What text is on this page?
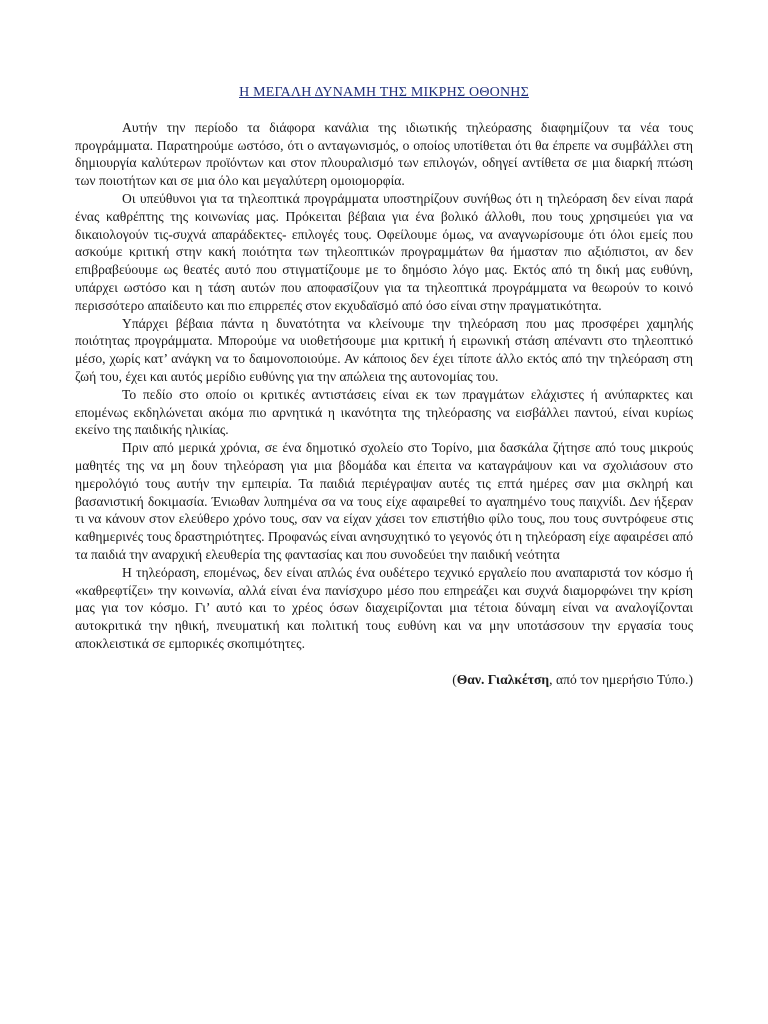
Η ΜΕΓΑΛΗ ΔΥΝΑΜΗ ΤΗΣ ΜΙΚΡΗΣ ΟΘΟΝΗΣ

Αυτήν την περίοδο τα διάφορα κανάλια της ιδιωτικής τηλεόρασης διαφημίζουν τα νέα τους προγράμματα. Παρατηρούμε ωστόσο, ότι ο ανταγωνισμός, ο οποίος υποτίθεται ότι θα έπρεπε να συμβάλλει στη δημιουργία καλύτερων προϊόντων και στον πλουραλισμό των επιλογών, οδηγεί αντίθετα σε μια διαρκή πτώση των ποιοτήτων και σε μια όλο και μεγαλύτερη ομοιομορφία.

Οι υπεύθυνοι για τα τηλεοπτικά προγράμματα υποστηρίζουν συνήθως ότι η τηλεόραση δεν είναι παρά ένας καθρέπτης της κοινωνίας μας. Πρόκειται βέβαια για ένα βολικό άλλοθι, που τους χρησιμεύει για να δικαιολογούν τις-συχνά απαράδεκτες- επιλογές τους. Οφείλουμε όμως, να αναγνωρίσουμε ότι όλοι εμείς που ασκούμε κριτική στην κακή ποιότητα των τηλεοπτικών προγραμμάτων θα ήμασταν πιο αξιόπιστοι, αν δεν επιβραβεύουμε ως θεατές αυτό που στιγματίζουμε με το δημόσιο λόγο μας. Εκτός από τη δική μας ευθύνη, υπάρχει ωστόσο και η τάση αυτών που αποφασίζουν για τα τηλεοπτικά προγράμματα να θεωρούν το κοινό περισσότερο απαίδευτο και πιο επιρρεπές στον εκχυδαϊσμό από όσο είναι στην πραγματικότητα.

Υπάρχει βέβαια πάντα η δυνατότητα να κλείνουμε την τηλεόραση που μας προσφέρει χαμηλής ποιότητας προγράμματα. Μπορούμε να υιοθετήσουμε μια κριτική ή ειρωνική στάση απέναντι στο τηλεοπτικό μέσο, χωρίς κατ’ ανάγκη να το δαιμονοποιούμε. Αν κάποιος δεν έχει τίποτε άλλο εκτός από την τηλεόραση στη ζωή του, έχει και αυτός μερίδιο ευθύνης για την απώλεια της αυτονομίας του.

Το πεδίο στο οποίο οι κριτικές αντιστάσεις είναι εκ των πραγμάτων ελάχιστες ή ανύπαρκτες και επομένως εκδηλώνεται ακόμα πιο αρνητικά η ικανότητα της τηλεόρασης να εισβάλλει παντού, είναι κυρίως εκείνο της παιδικής ηλικίας.

Πριν από μερικά χρόνια, σε ένα δημοτικό σχολείο στο Τορίνο, μια δασκάλα ζήτησε από τους μικρούς μαθητές της να μη δουν τηλεόραση για μια βδομάδα και έπειτα να καταγράψουν και να σχολιάσουν στο ημερολόγιό τους αυτήν την εμπειρία. Τα παιδιά περιέγραψαν αυτές τις επτά ημέρες σαν μια σκληρή και βασανιστική δοκιμασία. Ένιωθαν λυπημένα σα να τους είχε αφαιρεθεί το αγαπημένο τους παιχνίδι. Δεν ήξεραν τι να κάνουν στον ελεύθερο χρόνο τους, σαν να είχαν χάσει τον επιστήθιο φίλο τους, που τους συντρόφευε στις καθημερινές τους δραστηριότητες. Προφανώς είναι ανησυχητικό το γεγονός ότι η τηλεόραση είχε αφαιρέσει από τα παιδιά την αναρχική ελευθερία της φαντασίας και που συνοδεύει την παιδική νεότητα

Η τηλεόραση, επομένως, δεν είναι απλώς ένα ουδέτερο τεχνικό εργαλείο που αναπαριστά τον κόσμο ή «καθρεφτίζει» την κοινωνία, αλλά είναι ένα πανίσχυρο μέσο που επηρεάζει και συχνά διαμορφώνει την κρίση μας για τον κόσμο. Γι’ αυτό και το χρέος όσων διαχειρίζονται μια τέτοια δύναμη είναι να αναλογίζονται αυτοκριτικά την ηθική, πνευματική και πολιτική τους ευθύνη και να μην υποτάσσουν την εργασία τους αποκλειστικά σε εμπορικές σκοπιμότητες.

(Θαν. Γιαλκέτση, από τον ημερήσιο Τύπο.)
